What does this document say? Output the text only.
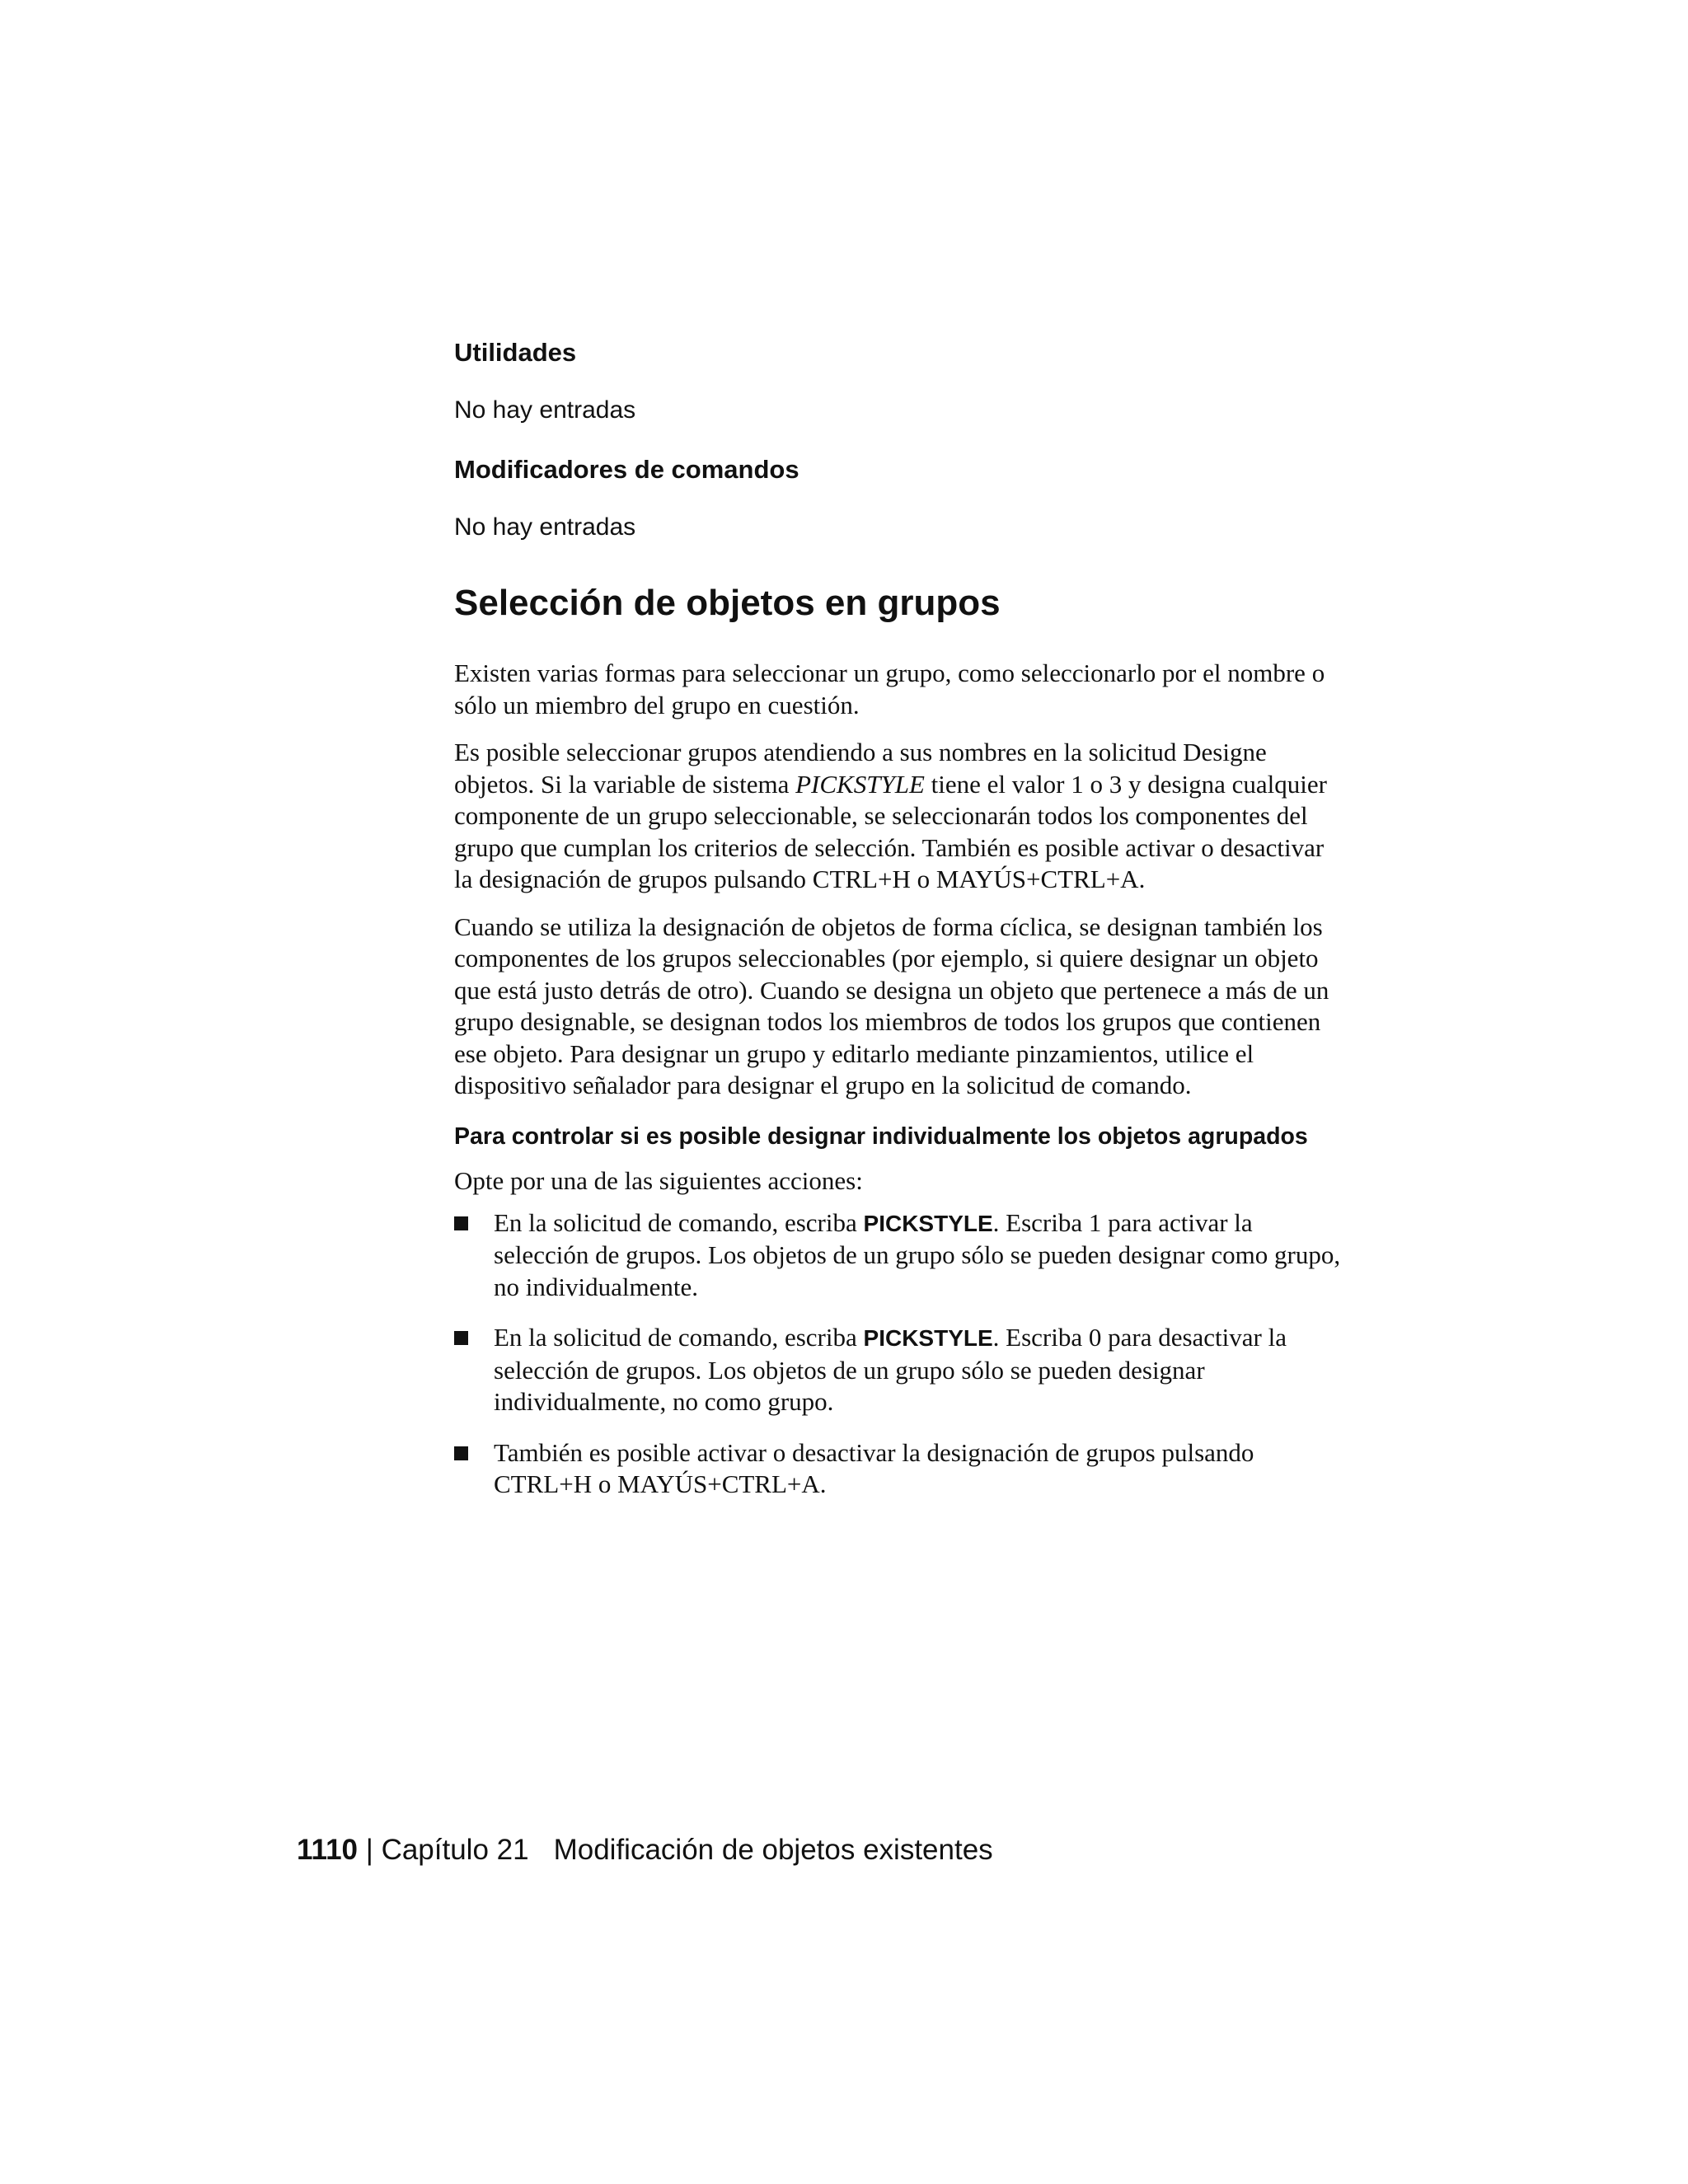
Utilidades
No hay entradas
Modificadores de comandos
No hay entradas
Selección de objetos en grupos

Existen varias formas para seleccionar un grupo, como seleccionarlo por el nombre o sólo un miembro del grupo en cuestión.

Es posible seleccionar grupos atendiendo a sus nombres en la solicitud Designe objetos. Si la variable de sistema PICKSTYLE tiene el valor 1 o 3 y designa cualquier componente de un grupo seleccionable, se seleccionarán todos los componentes del grupo que cumplan los criterios de selección. También es posible activar o desactivar la designación de grupos pulsando CTRL+H o MAYÚS+CTRL+A.

Cuando se utiliza la designación de objetos de forma cíclica, se designan también los componentes de los grupos seleccionables (por ejemplo, si quiere designar un objeto que está justo detrás de otro). Cuando se designa un objeto que pertenece a más de un grupo designable, se designan todos los miembros de todos los grupos que contienen ese objeto. Para designar un grupo y editarlo mediante pinzamientos, utilice el dispositivo señalador para designar el grupo en la solicitud de comando.

Para controlar si es posible designar individualmente los objetos agrupados
Opte por una de las siguientes acciones:
En la solicitud de comando, escriba PICKSTYLE. Escriba 1 para activar la selección de grupos. Los objetos de un grupo sólo se pueden designar como grupo, no individualmente.
En la solicitud de comando, escriba PICKSTYLE. Escriba 0 para desactivar la selección de grupos. Los objetos de un grupo sólo se pueden designar individualmente, no como grupo.
También es posible activar o desactivar la designación de grupos pulsando CTRL+H o MAYÚS+CTRL+A.
1110 | Capítulo 21 Modificación de objetos existentes
